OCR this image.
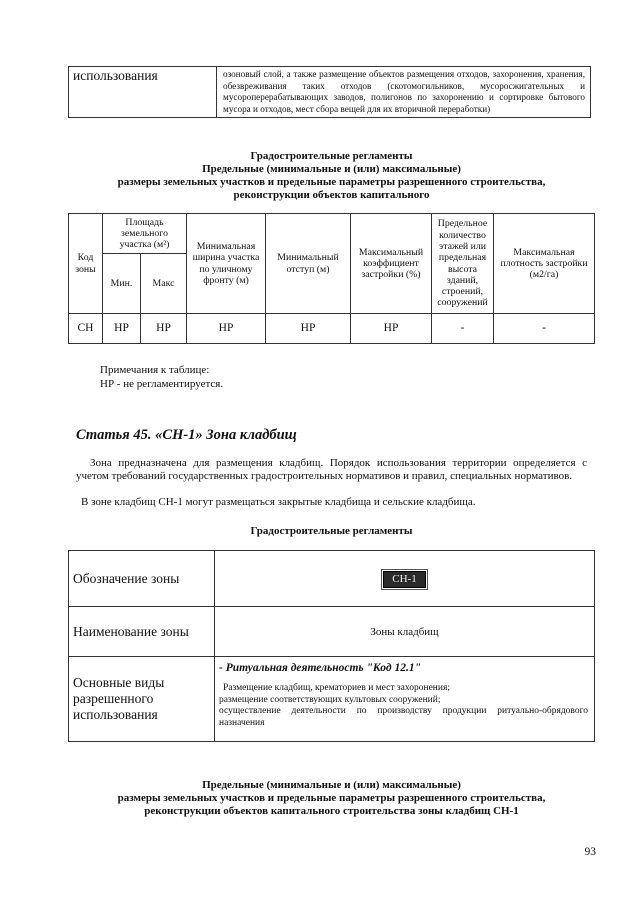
использования	озоновый слой, а также размещение объектов размещения отходов, захоронения, хранения, обезвреживания таких отходов (скотомогильников, мусоросжигательных и мусороперерабатывающих заводов, полигонов по захоронению и сортировке бытового мусора и отходов, мест сбора вещей для их вторичной переработки)
Градостроительные регламенты
Предельные (минимальные и (или) максимальные)
размеры земельных участков и предельные параметры разрешенного строительства,
реконструкции объектов капитального
Код зоны	Площадь земельного участка (м²)		Минимальная ширина участка по уличному фронту (м)	Минимальный отступ (м)	Максимальный коэффициент застройки (%)	Предельное количество этажей или предельная высота зданий, строений, сооружений	Максимальная плотность застройки (м2/га)
	Мин.	Макс					
СН	НР	НР	НР	НР	НР	-	-
Примечания к таблице:
НР - не регламентируется.
Статья 45. «СН-1» Зона кладбищ
Зона предназначена для размещения кладбищ. Порядок использования территории определяется с учетом требований государственных градостроительных нормативов и правил, специальных нормативов.
В зоне кладбищ СН-1 могут размещаться закрытые кладбища и сельские кладбища.
Градостроительные регламенты
Обозначение зоны	СН-1
Наименование зоны	Зоны кладбищ
Основные виды разрешенного использования	- Ритуальная деятельность "Код 12.1"
Размещение кладбищ, крематориев и мест захоронения;
размещение соответствующих культовых сооружений;
осуществление деятельности по производству продукции ритуально-обрядового назначения
Предельные (минимальные и (или) максимальные)
размеры земельных участков и предельные параметры разрешенного строительства,
реконструкции объектов капитального строительства зоны кладбищ СН-1
93
